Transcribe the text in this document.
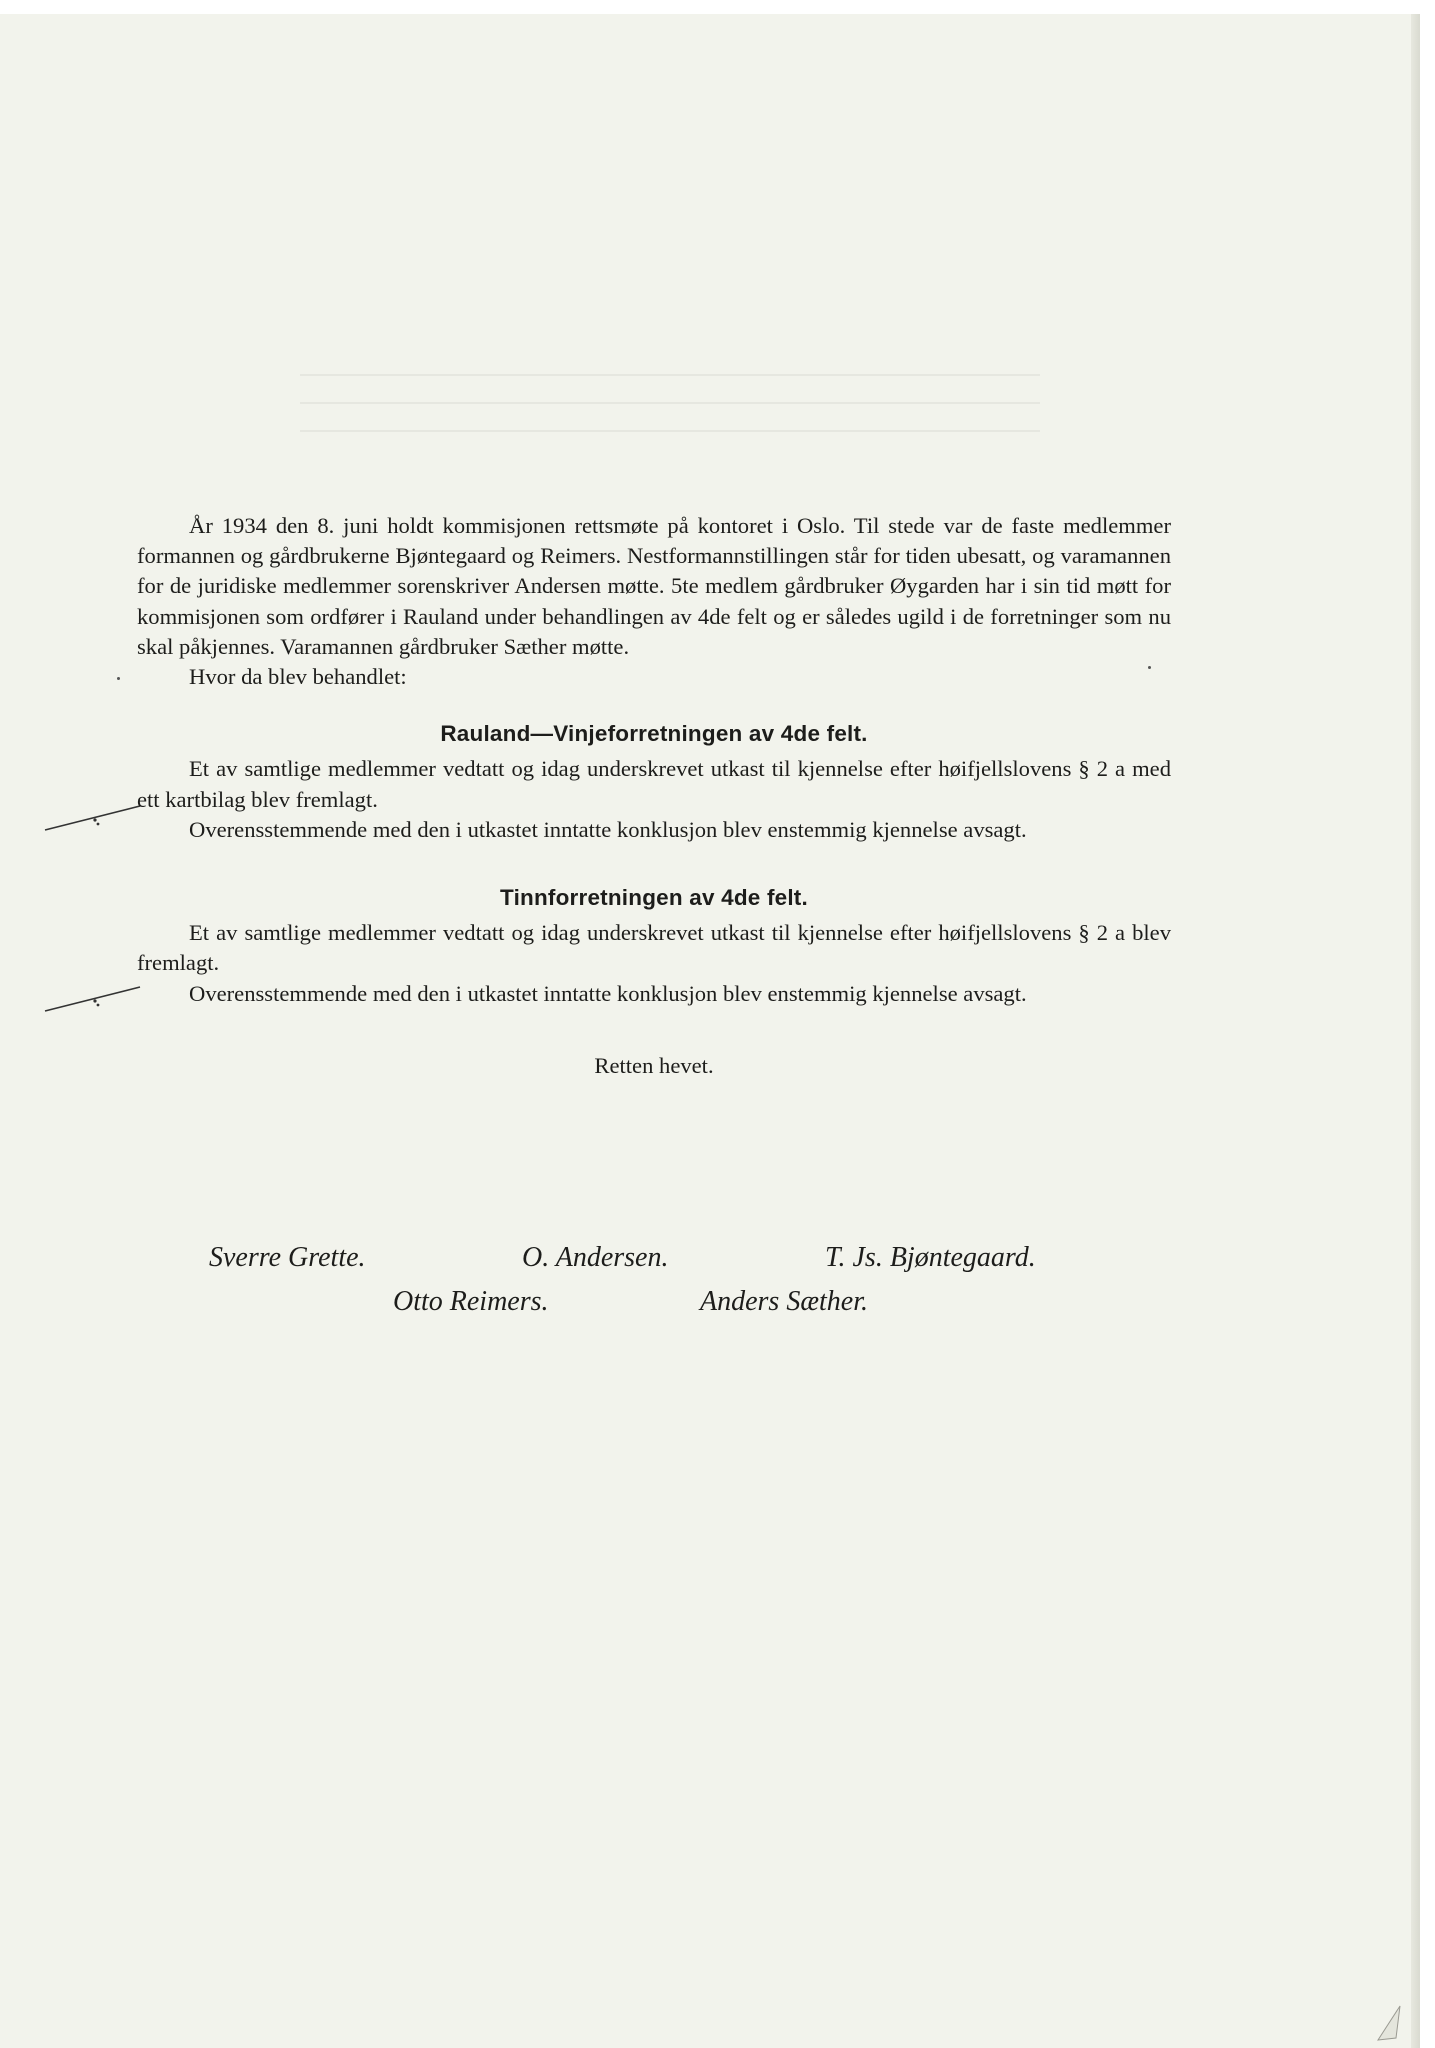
År 1934 den 8. juni holdt kommisjonen rettsmøte på kontoret i Oslo. Til stede var de faste medlemmer formannen og gårdbrukerne Bjøntegaard og Reimers. Nestformannstillingen står for tiden ubesatt, og varamannen for de juridiske medlemmer sorenskriver Andersen møtte. 5te medlem gårdbruker Øygarden har i sin tid møtt for kommisjonen som ordfører i Rauland under behandlingen av 4de felt og er således ugild i de forretninger som nu skal påkjennes. Varamannen gårdbruker Sæther møtte.

Hvor da blev behandlet:

Rauland—Vinjeforretningen av 4de felt.

Et av samtlige medlemmer vedtatt og idag underskrevet utkast til kjennelse efter høifjellslovens § 2 a med ett kartbilag blev fremlagt.

Overensstemmende med den i utkastet inntatte konklusjon blev enstemmig kjennelse avsagt.

Tinnforretningen av 4de felt.

Et av samtlige medlemmer vedtatt og idag underskrevet utkast til kjennelse efter høifjellslovens § 2 a blev fremlagt.

Overensstemmende med den i utkastet inntatte konklusjon blev enstemmig kjennelse avsagt.

Retten hevet.

Sverre Grette.	O. Andersen.	T. Js. Bjøntegaard.
Otto Reimers.	Anders Sæther.
